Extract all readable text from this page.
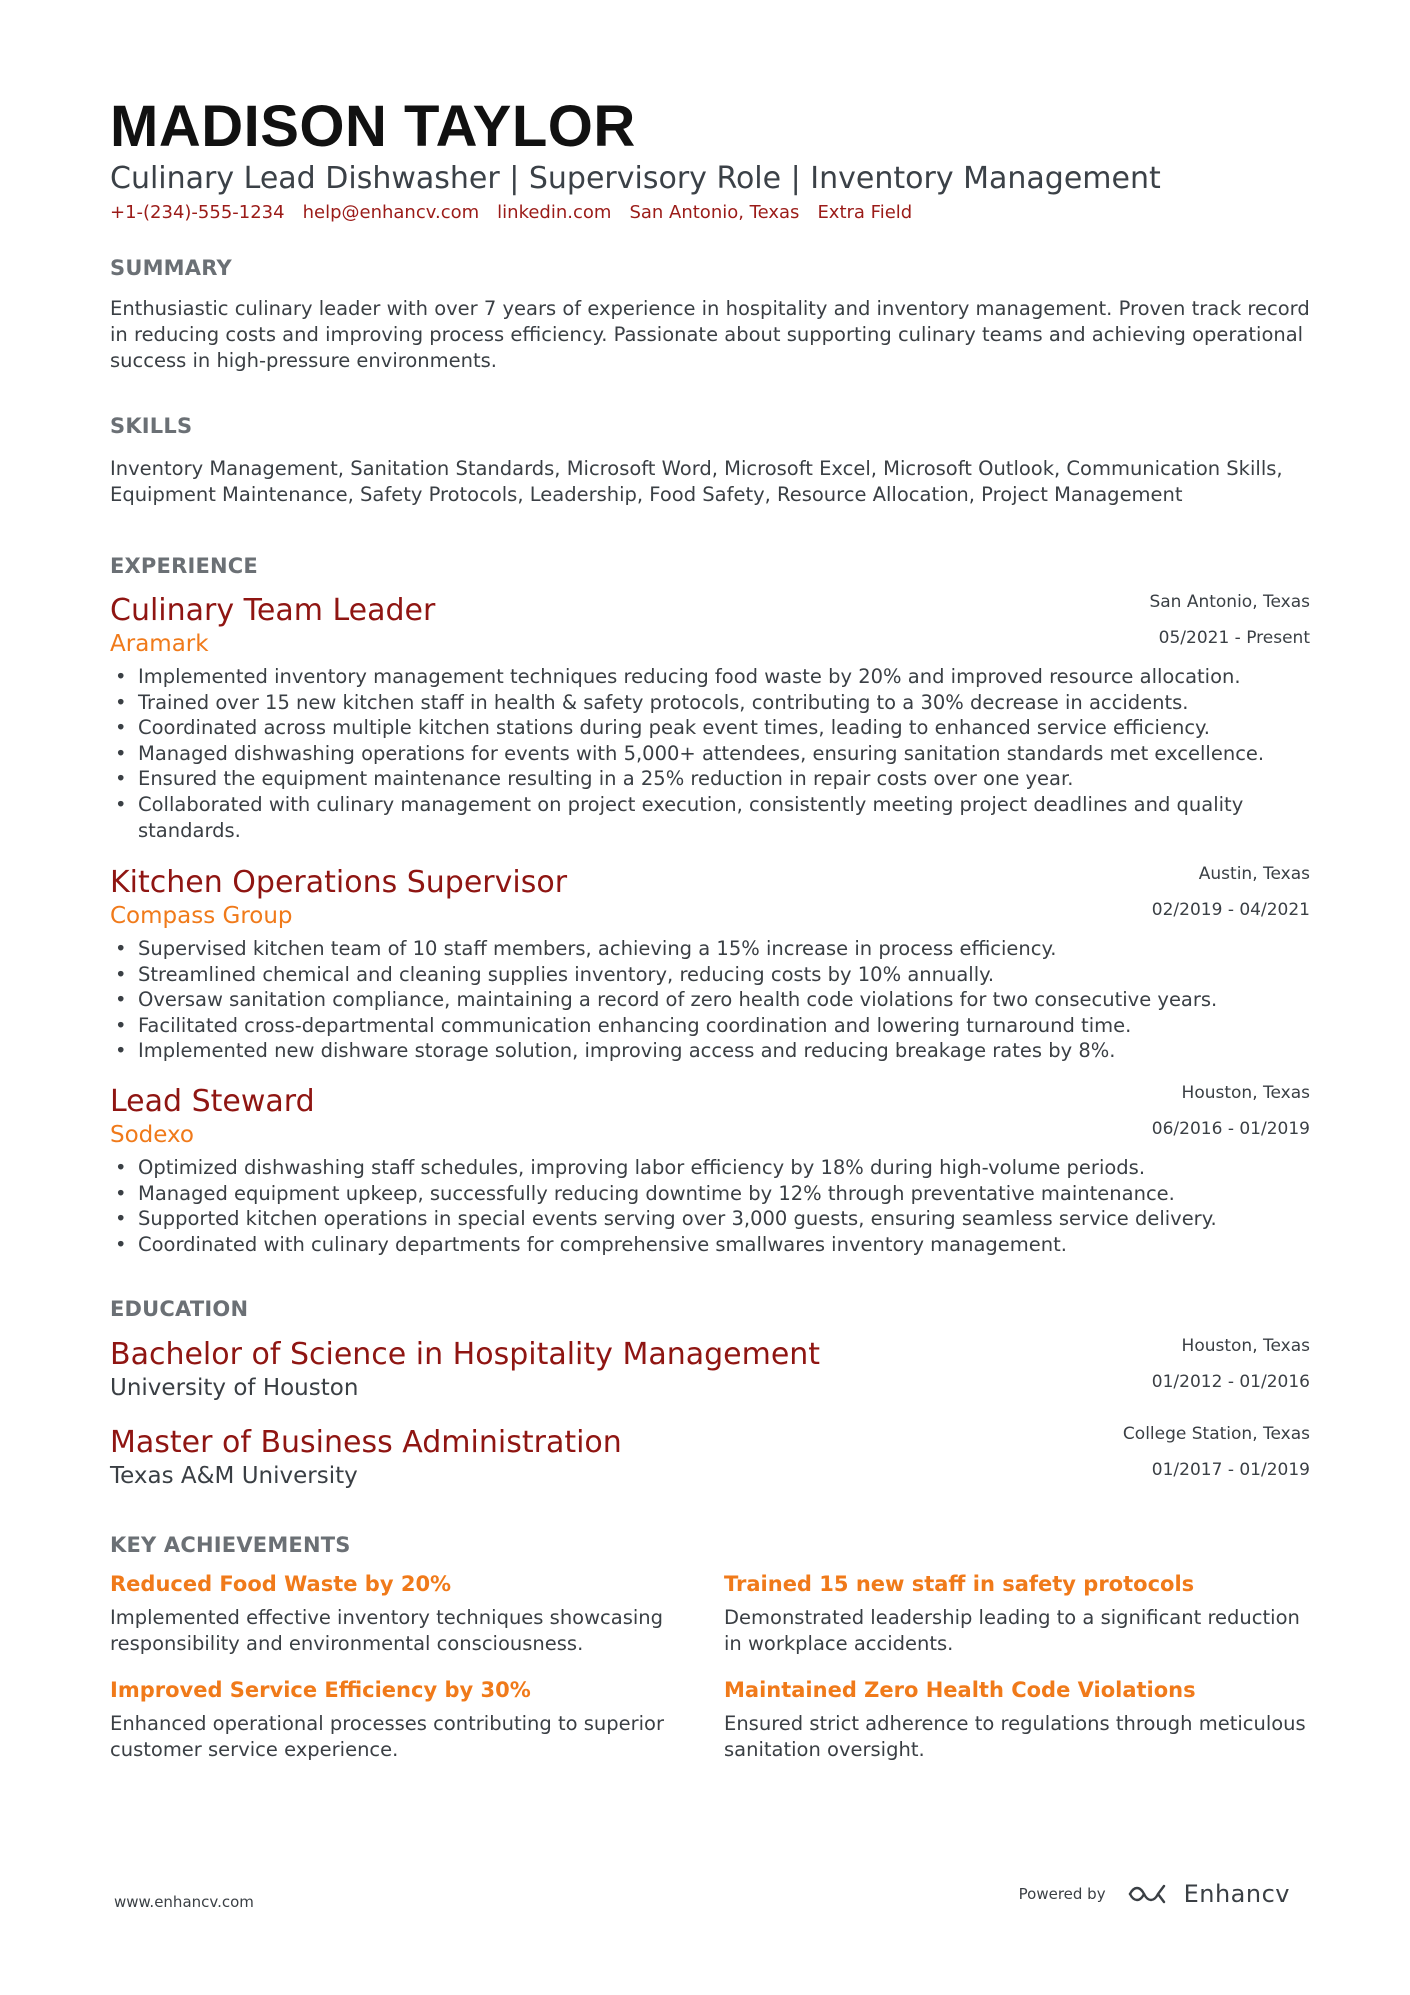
MADISON TAYLOR
Culinary Lead Dishwasher | Supervisory Role | Inventory Management
+1-(234)-555-1234 help@enhancv.com linkedin.com San Antonio, Texas Extra Field
SUMMARY
Enthusiastic culinary leader with over 7 years of experience in hospitality and inventory management. Proven track record in reducing costs and improving process efficiency. Passionate about supporting culinary teams and achieving operational success in high-pressure environments.
SKILLS
Inventory Management, Sanitation Standards, Microsoft Word, Microsoft Excel, Microsoft Outlook, Communication Skills, Equipment Maintenance, Safety Protocols, Leadership, Food Safety, Resource Allocation, Project Management
EXPERIENCE
Culinary Team Leader
Aramark
San Antonio, Texas
05/2021 - Present
• Implemented inventory management techniques reducing food waste by 20% and improved resource allocation.
• Trained over 15 new kitchen staff in health & safety protocols, contributing to a 30% decrease in accidents.
• Coordinated across multiple kitchen stations during peak event times, leading to enhanced service efficiency.
• Managed dishwashing operations for events with 5,000+ attendees, ensuring sanitation standards met excellence.
• Ensured the equipment maintenance resulting in a 25% reduction in repair costs over one year.
• Collaborated with culinary management on project execution, consistently meeting project deadlines and quality standards.
Kitchen Operations Supervisor
Compass Group
Austin, Texas
02/2019 - 04/2021
• Supervised kitchen team of 10 staff members, achieving a 15% increase in process efficiency.
• Streamlined chemical and cleaning supplies inventory, reducing costs by 10% annually.
• Oversaw sanitation compliance, maintaining a record of zero health code violations for two consecutive years.
• Facilitated cross-departmental communication enhancing coordination and lowering turnaround time.
• Implemented new dishware storage solution, improving access and reducing breakage rates by 8%.
Lead Steward
Sodexo
Houston, Texas
06/2016 - 01/2019
• Optimized dishwashing staff schedules, improving labor efficiency by 18% during high-volume periods.
• Managed equipment upkeep, successfully reducing downtime by 12% through preventative maintenance.
• Supported kitchen operations in special events serving over 3,000 guests, ensuring seamless service delivery.
• Coordinated with culinary departments for comprehensive smallwares inventory management.
EDUCATION
Bachelor of Science in Hospitality Management
University of Houston
Houston, Texas
01/2012 - 01/2016
Master of Business Administration
Texas A&M University
College Station, Texas
01/2017 - 01/2019
KEY ACHIEVEMENTS
Reduced Food Waste by 20%
Implemented effective inventory techniques showcasing responsibility and environmental consciousness.
Trained 15 new staff in safety protocols
Demonstrated leadership leading to a significant reduction in workplace accidents.
Improved Service Efficiency by 30%
Enhanced operational processes contributing to superior customer service experience.
Maintained Zero Health Code Violations
Ensured strict adherence to regulations through meticulous sanitation oversight.
www.enhancv.com	Powered by	Enhancv
